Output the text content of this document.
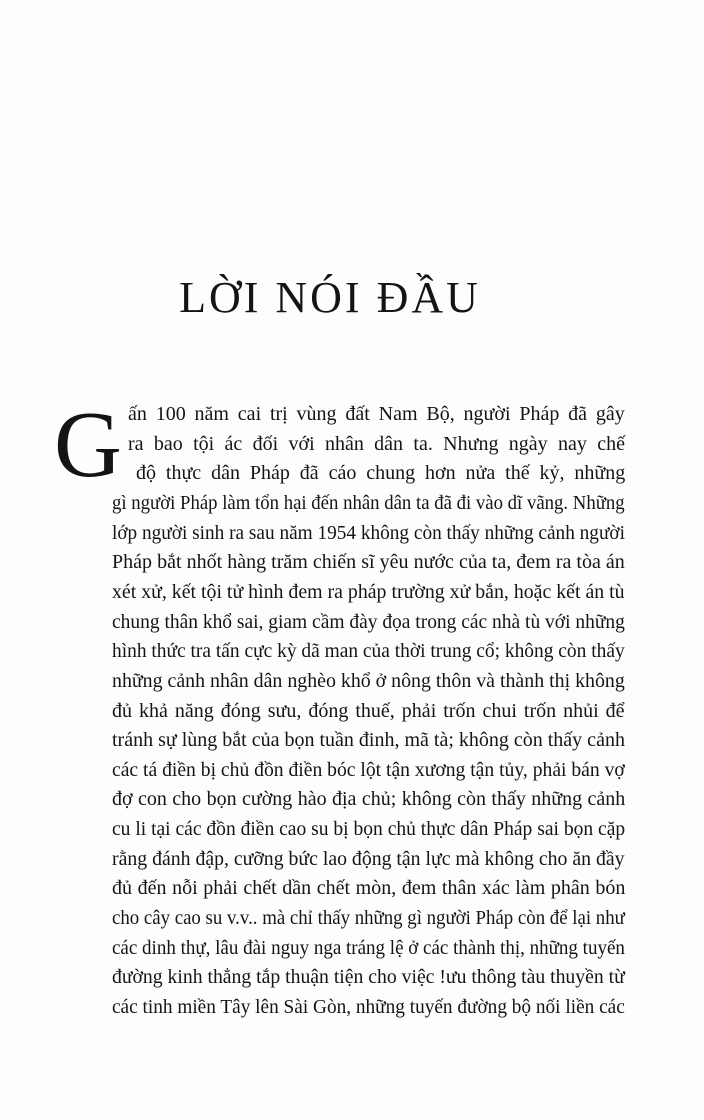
LỜI NÓI ĐẦU
G ấn 100 năm cai trị vùng đất Nam Bộ, người Pháp đã gây
ra bao tội ác đối với nhân dân ta. Nhưng ngày nay chế
độ thực dân Pháp đã cáo chung hơn nửa thế kỷ, những
gì người Pháp làm tổn hại đến nhân dân ta đã đi vào dĩ vãng. Những
lớp người sinh ra sau năm 1954 không còn thấy những cảnh người
Pháp bắt nhốt hàng trăm chiến sĩ yêu nước của ta, đem ra tòa án
xét xử, kết tội tử hình đem ra pháp trường xử bắn, hoặc kết án tù
chung thân khổ sai, giam cầm đày đọa trong các nhà tù với những
hình thức tra tấn cực kỳ dã man của thời trung cổ; không còn thấy
những cảnh nhân dân nghèo khổ ở nông thôn và thành thị không
đủ khả năng đóng sưu, đóng thuế, phải trốn chui trốn nhủi để
tránh sự lùng bắt của bọn tuần đinh, mã tà; không còn thấy cảnh
các tá điền bị chủ đồn điền bóc lột tận xương tận tủy, phải bán vợ
đợ con cho bọn cường hào địa chủ; không còn thấy những cảnh
cu li tại các đồn điền cao su bị bọn chủ thực dân Pháp sai bọn cặp
rằng đánh đập, cưỡng bức lao động tận lực mà không cho ăn đầy
đủ đến nỗi phải chết dần chết mòn, đem thân xác làm phân bón
cho cây cao su v.v.. mà chỉ thấy những gì người Pháp còn để lại như
các dinh thự, lâu đài nguy nga tráng lệ ở các thành thị, những tuyến
đường kinh thẳng tắp thuận tiện cho việc !ưu thông tàu thuyền từ
các tinh miền Tây lên Sài Gòn, những tuyến đường bộ nối liền các
